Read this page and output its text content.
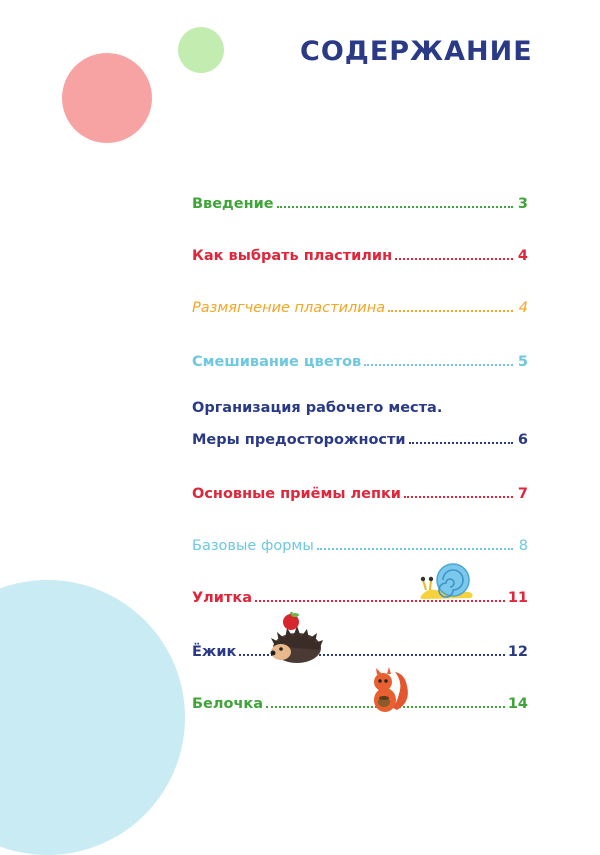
СОДЕРЖАНИЕ
Введение	3
Как выбрать пластилин	4
Размягчение пластилина	4
Смешивание цветов	5
Организация рабочего места.
Меры предосторожности	6
Основные приёмы лепки	7
Базовые формы	8
Улитка	11
Ёжик	12
Белочка	14
